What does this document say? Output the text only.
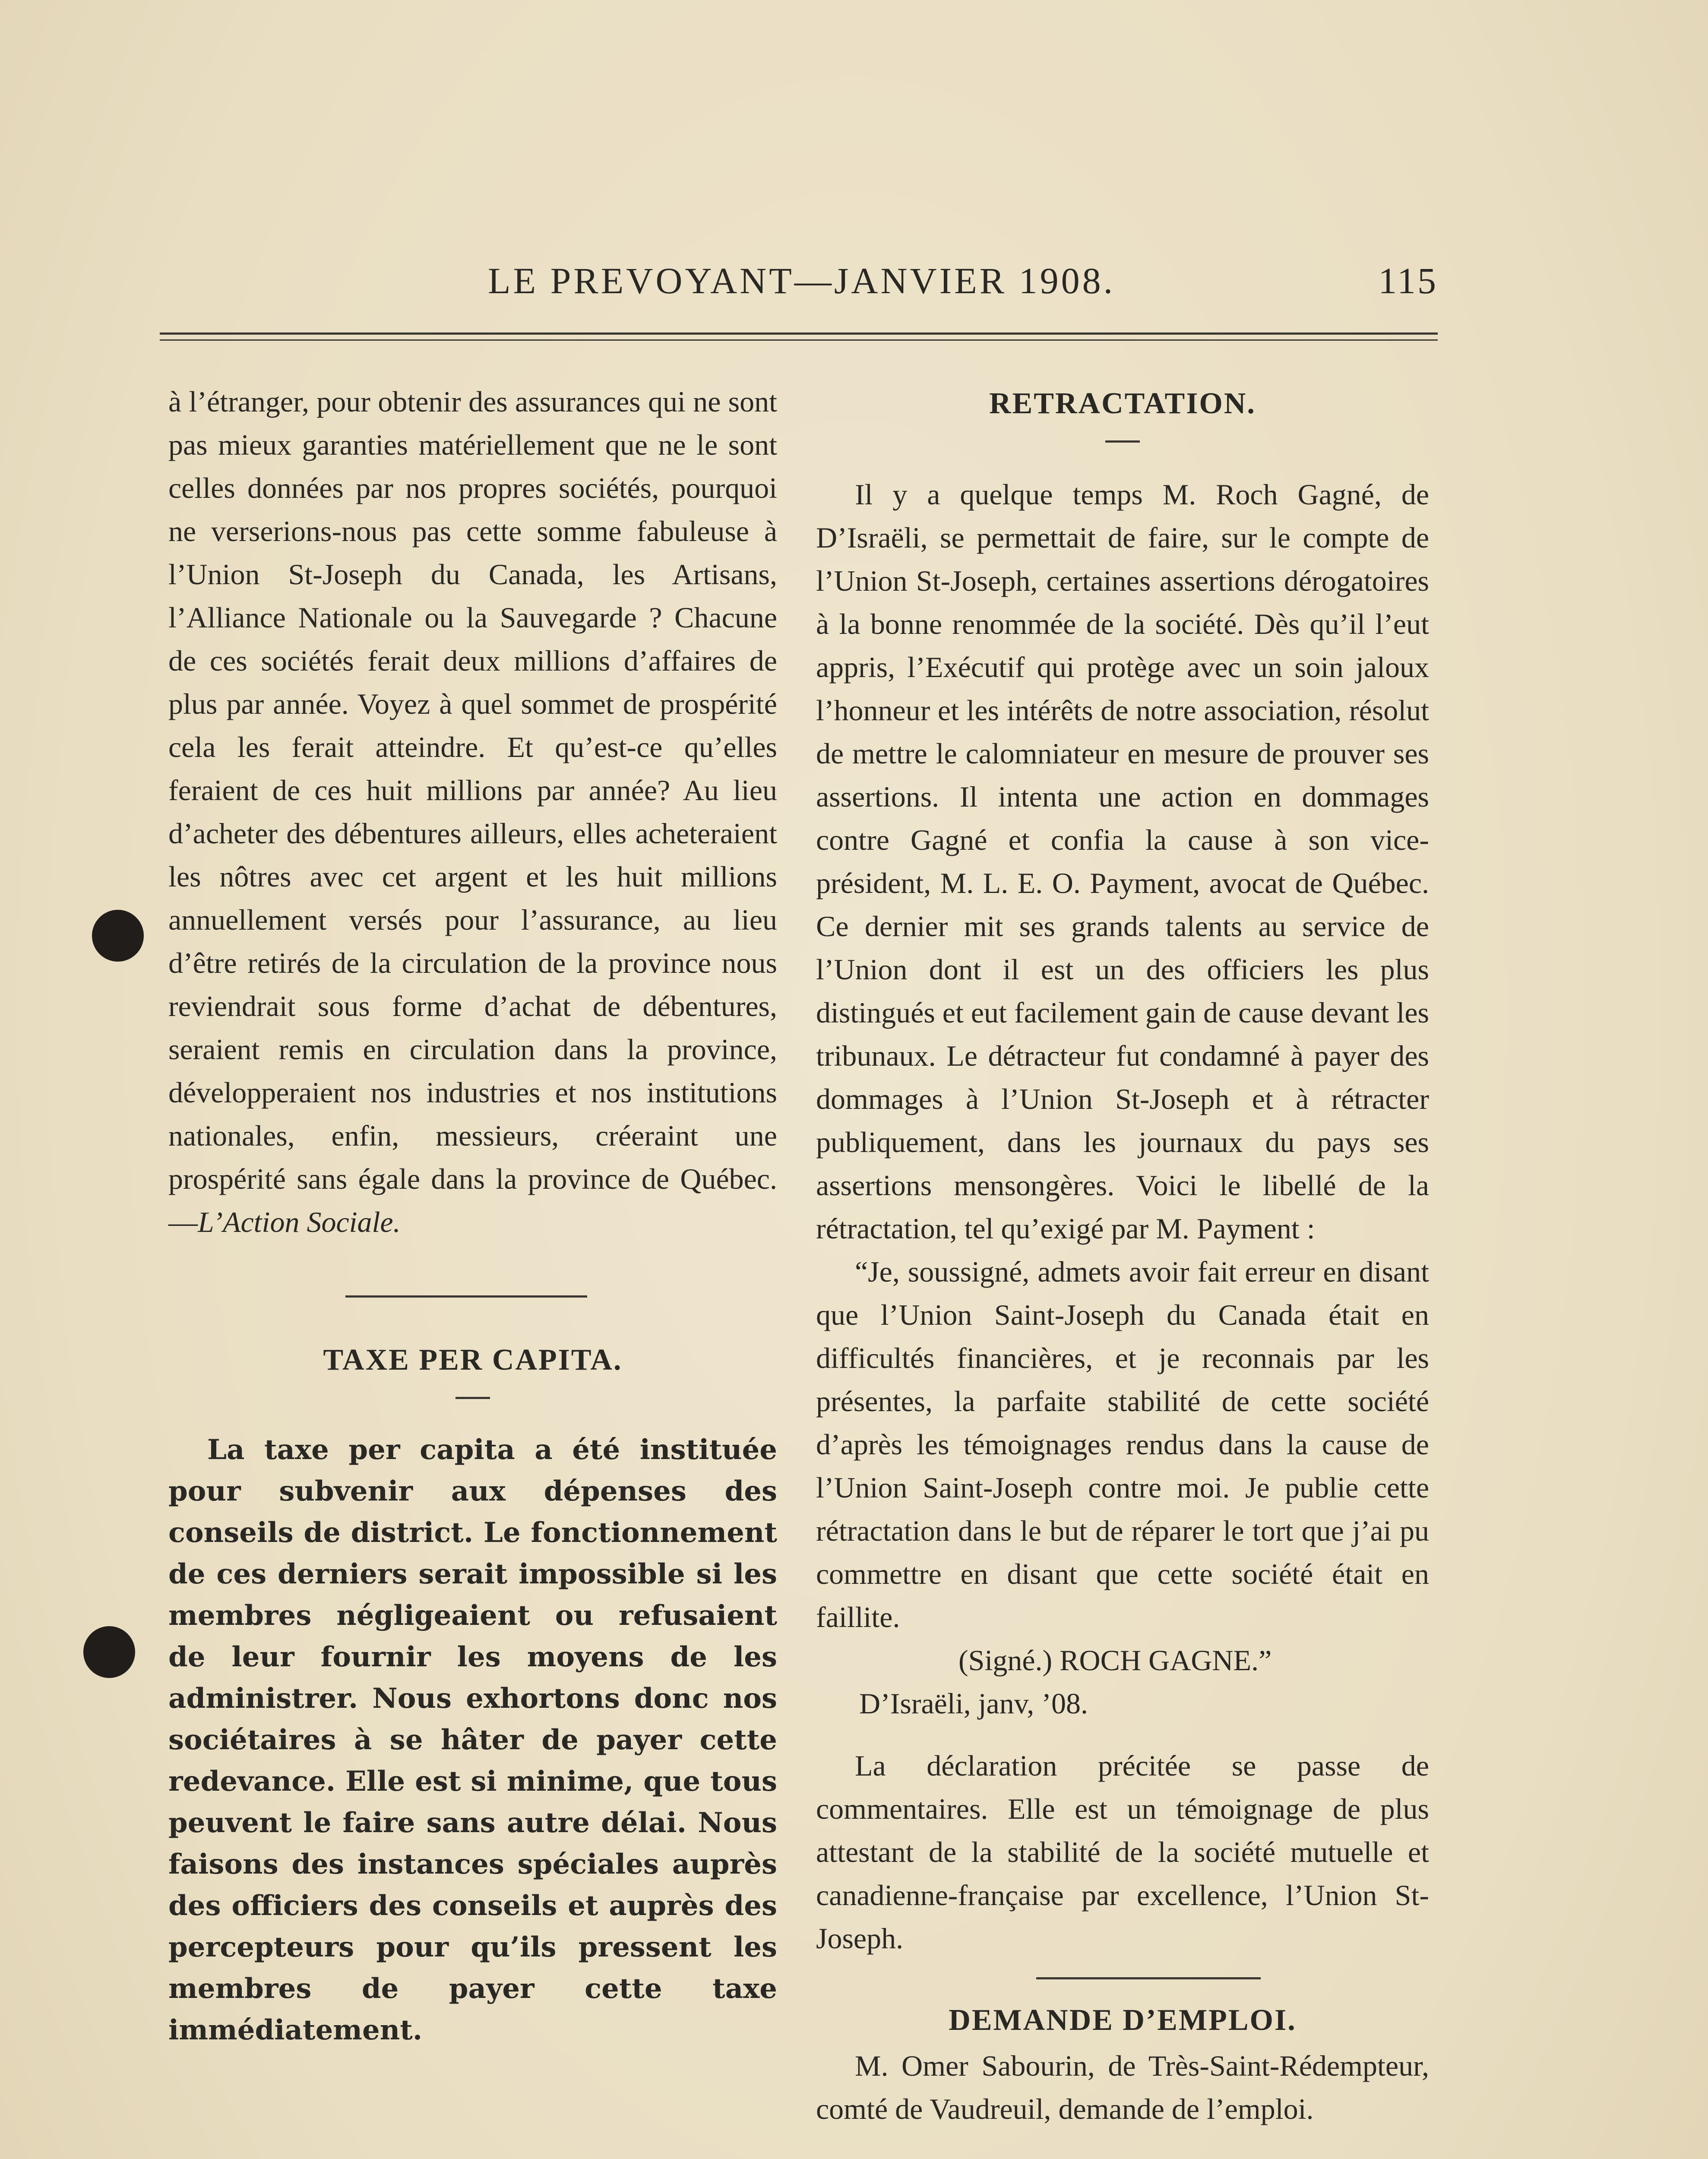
LE PREVOYANT—JANVIER 1908.	115

à l’étranger, pour obtenir des assurances qui ne sont pas mieux garanties matériellement que ne le sont celles données par nos propres sociétés, pourquoi ne verserions-nous pas cette somme fabuleuse à l’Union St-Joseph du Canada, les Artisans, l’Alliance Nationale ou la Sauvegarde ? Chacune de ces sociétés ferait deux millions d’affaires de plus par année. Voyez à quel sommet de prospérité cela les ferait atteindre. Et qu’est-ce qu’elles feraient de ces huit millions par année? Au lieu d’acheter des débentures ailleurs, elles acheteraient les nôtres avec cet argent et les huit millions annuellement versés pour l’assurance, au lieu d’être retirés de la circulation de la province nous reviendrait sous forme d’achat de débentures, seraient remis en circulation dans la province, développeraient nos industries et nos institutions nationales, enfin, messieurs, créeraint une prospérité sans égale dans la province de Québec. —L’Action Sociale.

TAXE PER CAPITA.

La taxe per capita a été instituée pour subvenir aux dépenses des conseils de district. Le fonctionnement de ces derniers serait impossible si les membres négligeaient ou refusaient de leur fournir les moyens de les administrer. Nous exhortons donc nos sociétaires à se hâter de payer cette redevance. Elle est si minime, que tous peuvent le faire sans autre délai. Nous faisons des instances spéciales auprès des officiers des conseils et auprès des percepteurs pour qu’ils pressent les membres de payer cette taxe immédiatement.

RETRACTATION.

Il y a quelque temps M. Roch Gagné, de D’Israëli, se permettait de faire, sur le compte de l’Union St-Joseph, certaines assertions dérogatoires à la bonne renommée de la société. Dès qu’il l’eut appris, l’Exécutif qui protège avec un soin jaloux l’honneur et les intérêts de notre association, résolut de mettre le calomniateur en mesure de prouver ses assertions. Il intenta une action en dommages contre Gagné et confia la cause à son vice-président, M. L. E. O. Payment, avocat de Québec. Ce dernier mit ses grands talents au service de l’Union dont il est un des officiers les plus distingués et eut facilement gain de cause devant les tribunaux. Le détracteur fut condamné à payer des dommages à l’Union St-Joseph et à rétracter publiquement, dans les journaux du pays ses assertions mensongères. Voici le libellé de la rétractation, tel qu’exigé par M. Payment :

“Je, soussigné, admets avoir fait erreur en disant que l’Union Saint-Joseph du Canada était en difficultés financières, et je reconnais par les présentes, la parfaite stabilité de cette société d’après les témoignages rendus dans la cause de l’Union Saint-Joseph contre moi. Je publie cette rétractation dans le but de réparer le tort que j’ai pu commettre en disant que cette société était en faillite.

(Signé.) ROCH GAGNE.”

D’Israëli, janv, ’08.

La déclaration précitée se passe de commentaires. Elle est un témoignage de plus attestant de la stabilité de la société mutuelle et canadienne-française par excellence, l’Union St-Joseph.

DEMANDE D’EMPLOI.

M. Omer Sabourin, de Très-Saint-Rédempteur, comté de Vaudreuil, demande de l’emploi.
